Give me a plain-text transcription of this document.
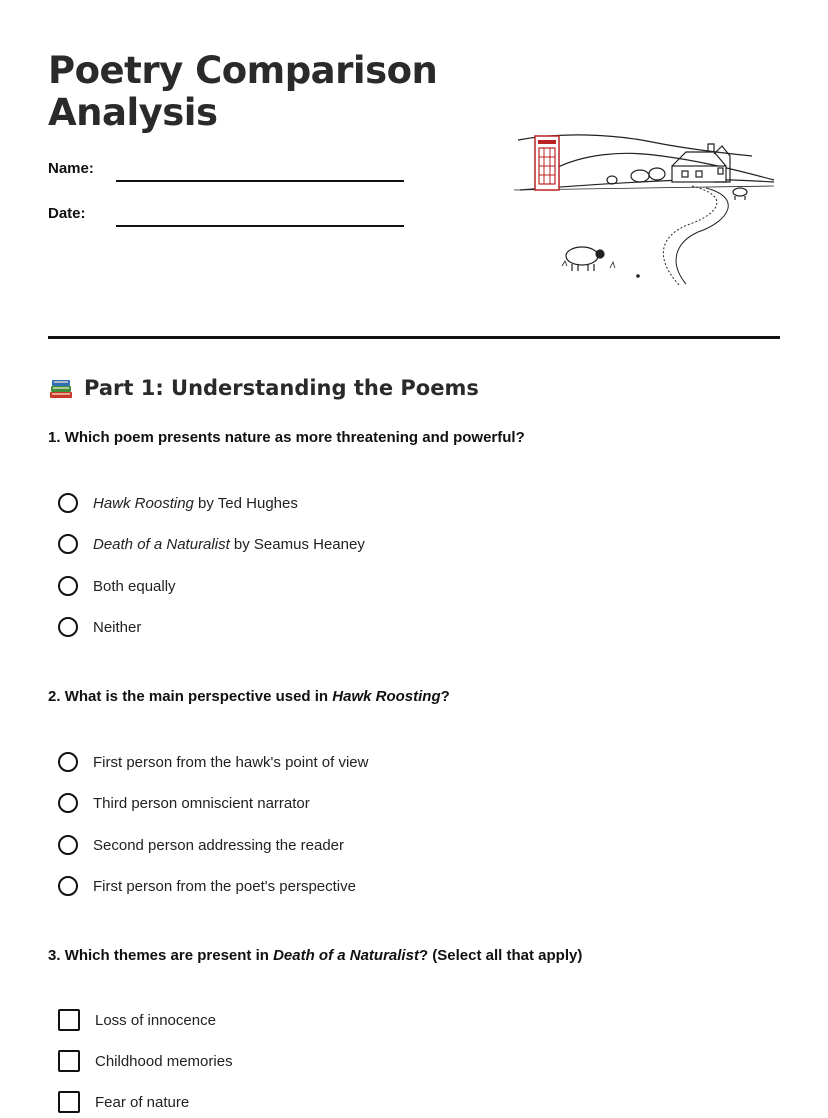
Poetry Comparison Analysis
Name:
Date:
Part 1: Understanding the Poems
1. Which poem presents nature as more threatening and powerful?
Hawk Roosting by Ted Hughes
Death of a Naturalist by Seamus Heaney
Both equally
Neither
2. What is the main perspective used in Hawk Roosting?
First person from the hawk's point of view
Third person omniscient narrator
Second person addressing the reader
First person from the poet's perspective
3. Which themes are present in Death of a Naturalist? (Select all that apply)
Loss of innocence
Childhood memories
Fear of nature
